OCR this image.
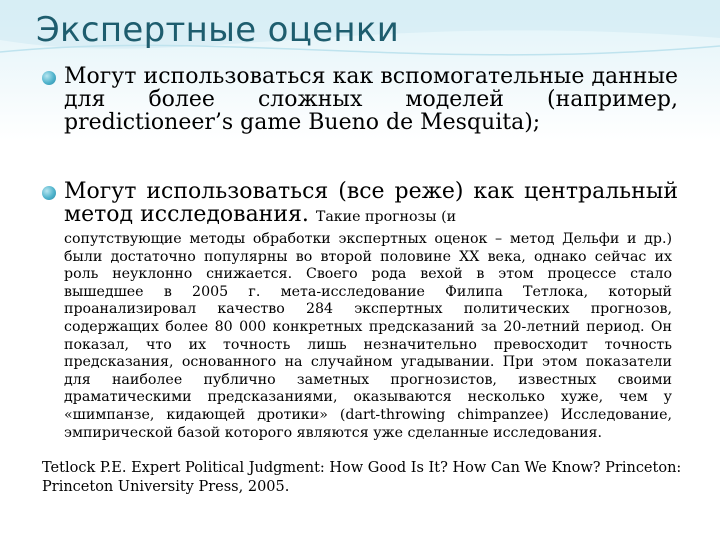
Экспертные оценки
Могут использоваться как вспомогательные данные для более сложных моделей (например, predictioneer’s game Bueno de Mesquita);
Могут использоваться (все реже) как центральный метод исследования. Такие прогнозы (и

сопутствующие методы обработки экспертных оценок – метод Дельфи и др.) были достаточно популярны во второй половине XX века, однако сейчас их роль неуклонно снижается. Своего рода вехой в этом процессе стало вышедшее в 2005 г. мета-исследование Филипа Тетлока, который проанализировал качество 284 экспертных политических прогнозов, содержащих более 80 000 конкретных предсказаний за 20-летний период. Он показал, что их точность лишь незначительно превосходит точность предсказания, основанного на случайном угадывании. При этом показатели для наиболее публично заметных прогнозистов, известных своими драматическими предсказаниями, оказываются несколько хуже, чем у «шимпанзе, кидающей дротики» (dart-throwing chimpanzee) Исследование, эмпирической базой которого являются уже сделанные исследования.

Tetlock P.E. Expert Political Judgment: How Good Is It? How Can We Know? Princeton: Princeton University Press, 2005.
